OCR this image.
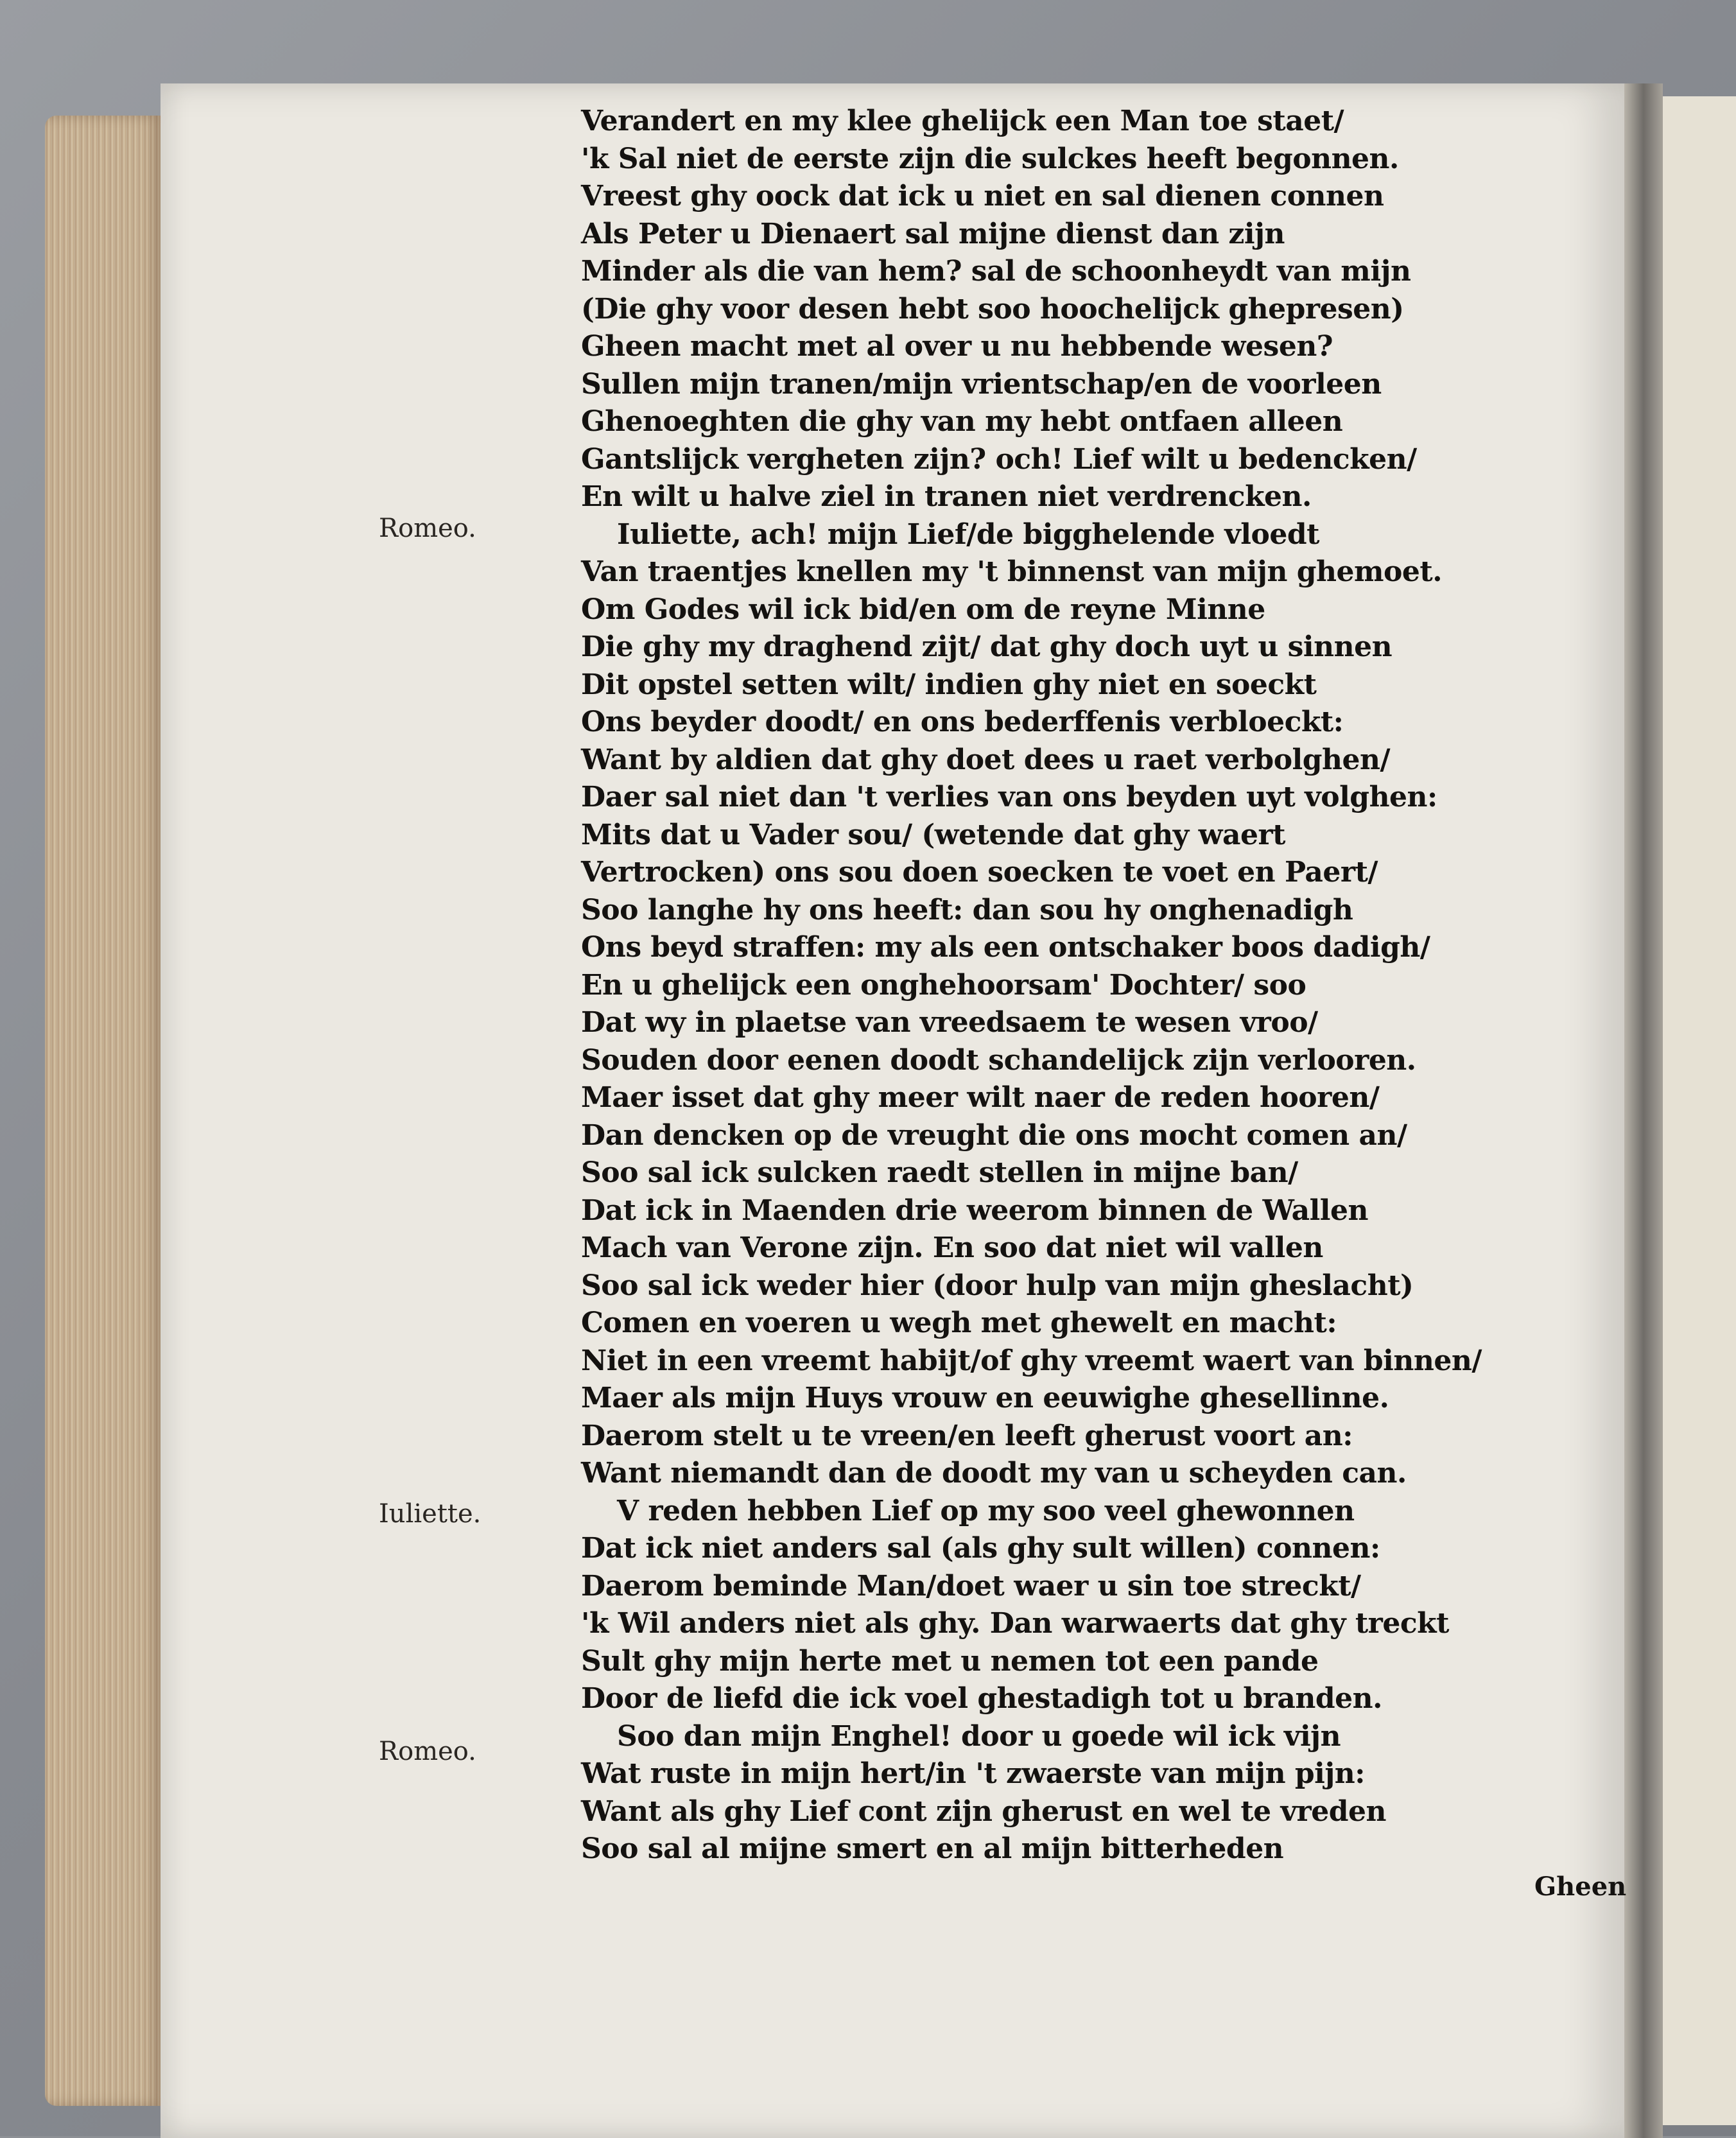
Romeo.
Iuliette.
Romeo.
Verandert en my klee ghelijck een Man toe staet/
'k Sal niet de eerste zijn die sulckes heeft begonnen.
Vreest ghy oock dat ick u niet en sal dienen connen
Als Peter u Dienaert sal mijne dienst dan zijn
Minder als die van hem? sal de schoonheydt van mijn
(Die ghy voor desen hebt soo hoochelijck ghepresen)
Gheen macht met al over u nu hebbende wesen?
Sullen mijn tranen/mijn vrientschap/en de voorleen
Ghenoeghten die ghy van my hebt ontfaen alleen
Gantslijck vergheten zijn? och! Lief wilt u bedencken/
En wilt u halve ziel in tranen niet verdrencken.
Iuliette, ach! mijn Lief/de bigghelende vloedt
Van traentjes knellen my 't binnenst van mijn ghemoet.
Om Godes wil ick bid/en om de reyne Minne
Die ghy my draghend zijt/ dat ghy doch uyt u sinnen
Dit opstel setten wilt/ indien ghy niet en soeckt
Ons beyder doodt/ en ons bederffenis verbloeckt:
Want by aldien dat ghy doet dees u raet verbolghen/
Daer sal niet dan 't verlies van ons beyden uyt volghen:
Mits dat u Vader sou/ (wetende dat ghy waert
Vertrocken) ons sou doen soecken te voet en Paert/
Soo langhe hy ons heeft: dan sou hy onghenadigh
Ons beyd straffen: my als een ontschaker boos dadigh/
En u ghelijck een onghehoorsam' Dochter/ soo
Dat wy in plaetse van vreedsaem te wesen vroo/
Souden door eenen doodt schandelijck zijn verlooren.
Maer isset dat ghy meer wilt naer de reden hooren/
Dan dencken op de vreught die ons mocht comen an/
Soo sal ick sulcken raedt stellen in mijne ban/
Dat ick in Maenden drie weerom binnen de Wallen
Mach van Verone zijn. En soo dat niet wil vallen
Soo sal ick weder hier (door hulp van mijn gheslacht)
Comen en voeren u wegh met ghewelt en macht:
Niet in een vreemt habijt/of ghy vreemt waert van binnen/
Maer als mijn Huys vrouw en eeuwighe ghesellinne.
Daerom stelt u te vreen/en leeft gherust voort an:
Want niemandt dan de doodt my van u scheyden can.
V reden hebben Lief op my soo veel ghewonnen
Dat ick niet anders sal (als ghy sult willen) connen:
Daerom beminde Man/doet waer u sin toe streckt/
'k Wil anders niet als ghy. Dan warwaerts dat ghy treckt
Sult ghy mijn herte met u nemen tot een pande
Door de liefd die ick voel ghestadigh tot u branden.
Soo dan mijn Enghel! door u goede wil ick vijn
Wat ruste in mijn hert/in 't zwaerste van mijn pijn:
Want als ghy Lief cont zijn gherust en wel te vreden
Soo sal al mijne smert en al mijn bitterheden
Gheen
